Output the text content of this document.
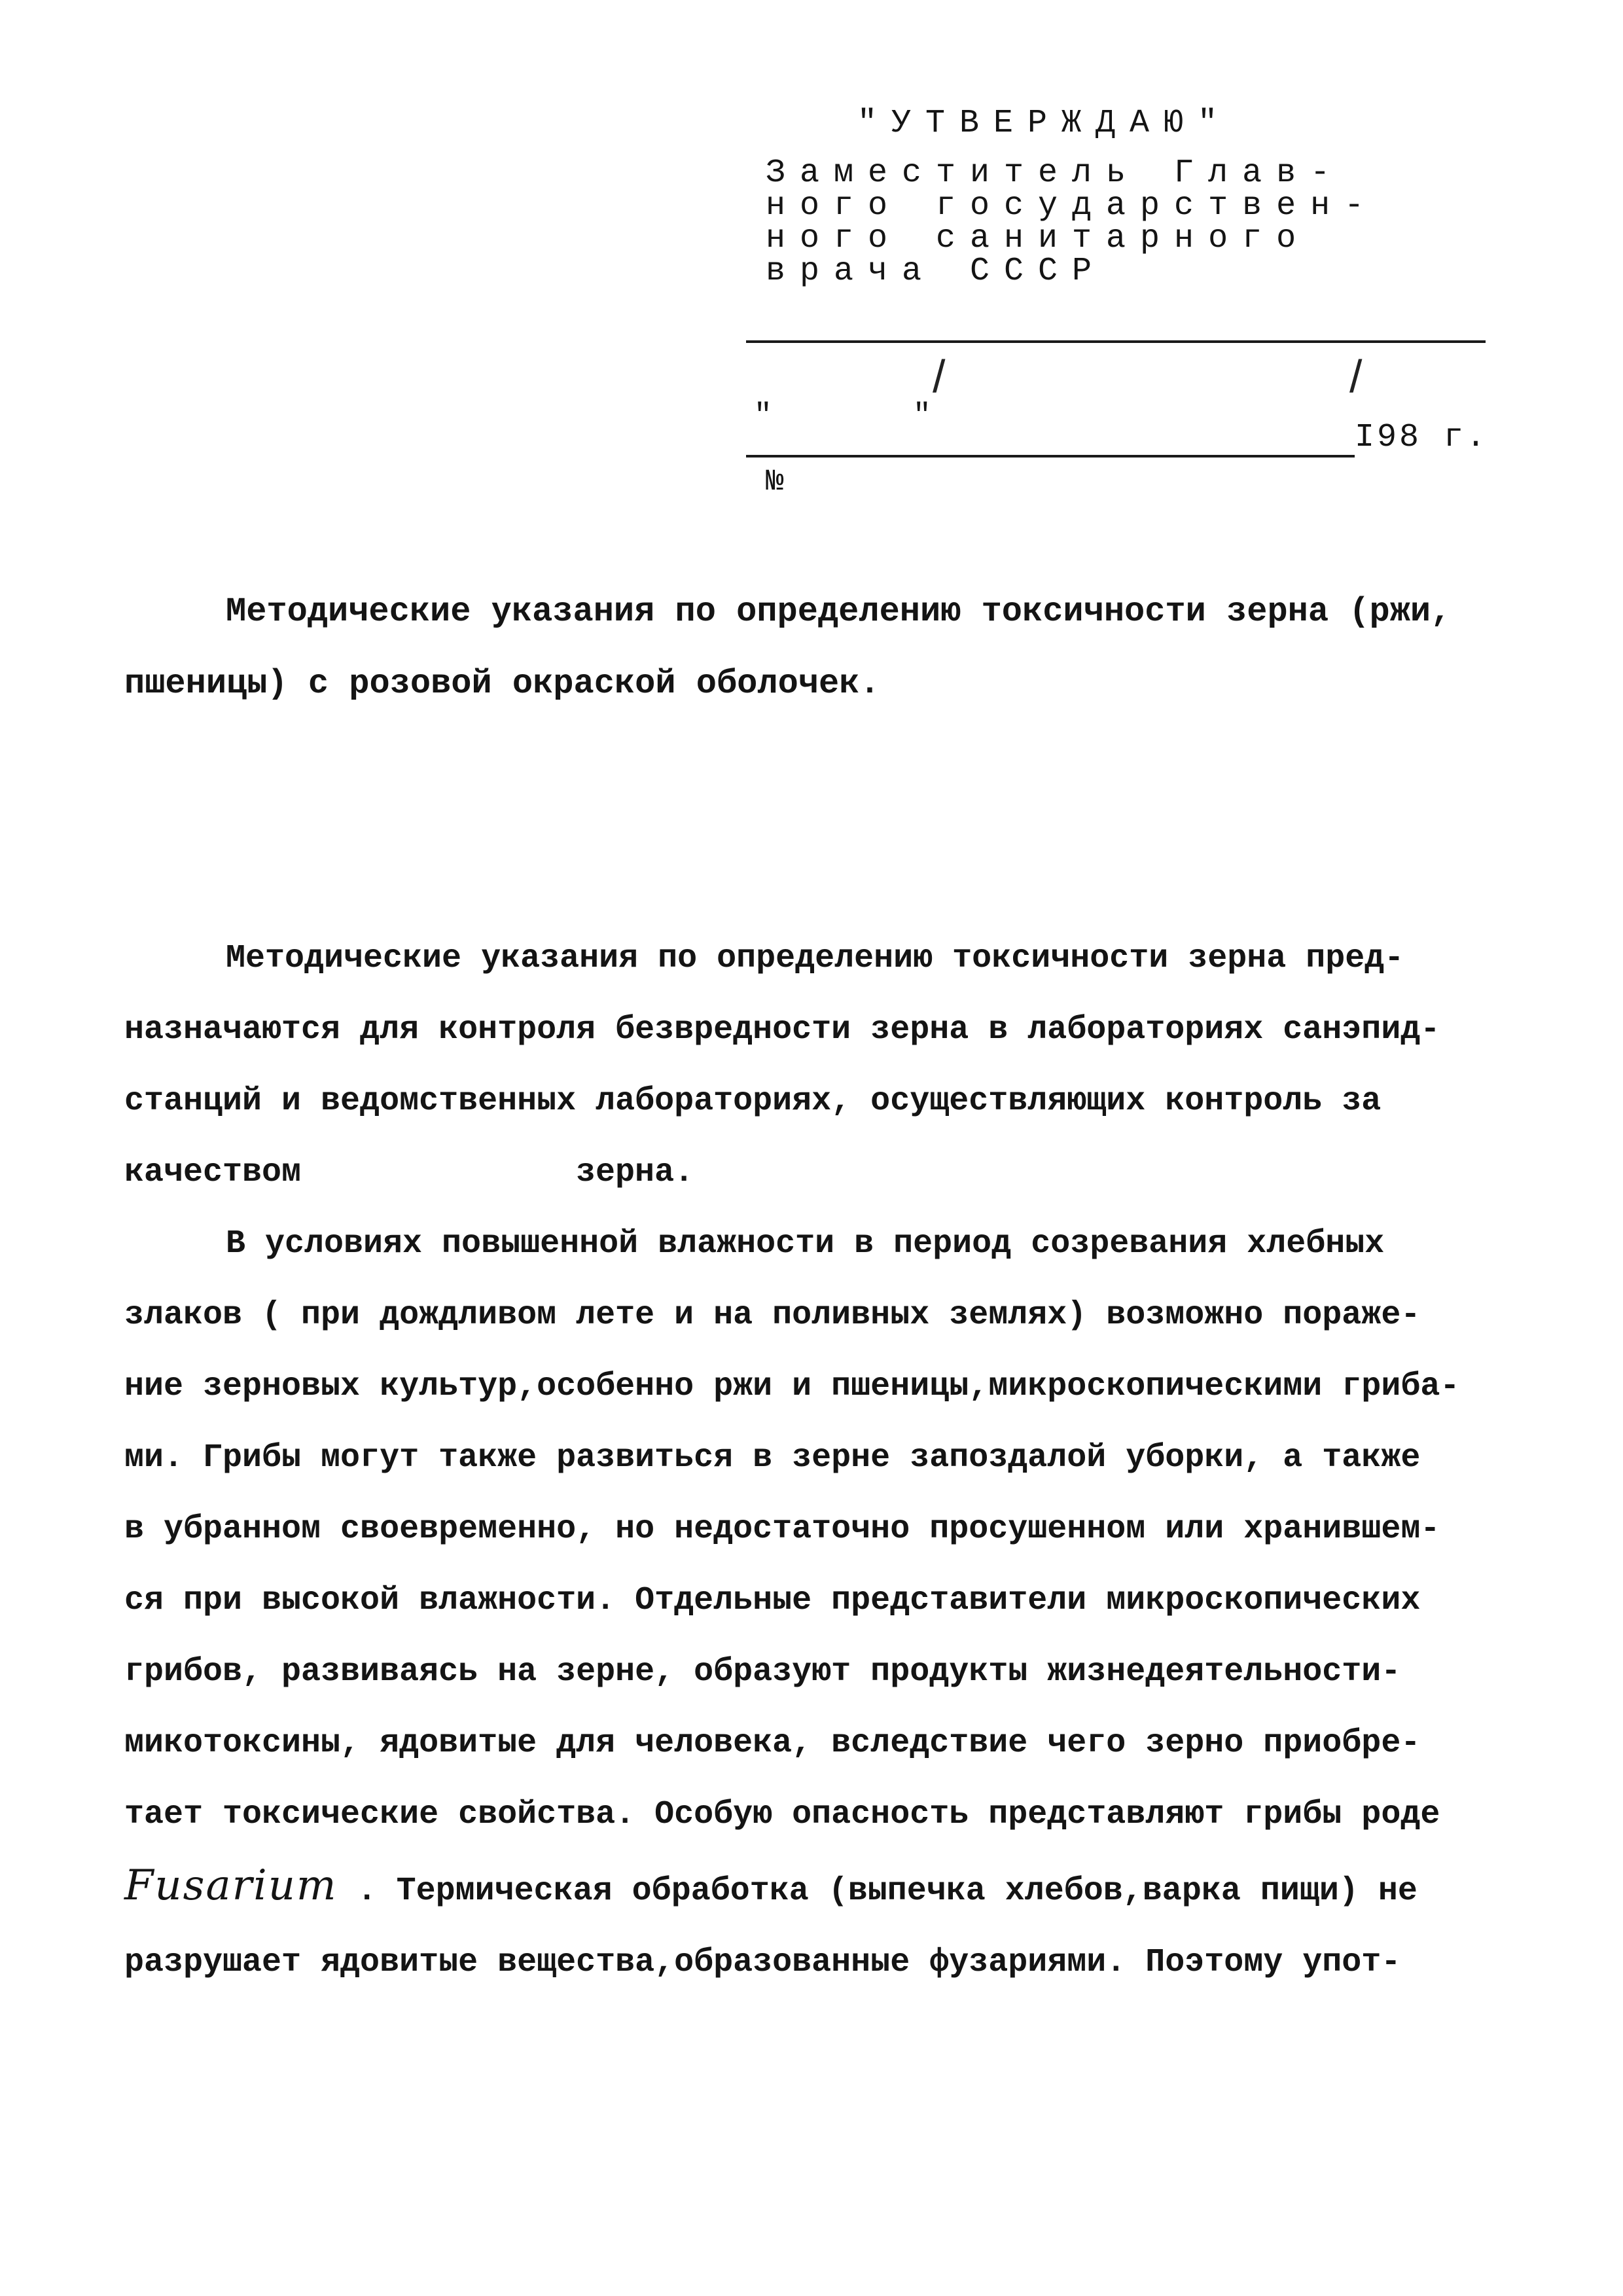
"УТВЕРЖДАЮ"
Заместитель Глав-
ного государствен-
ного санитарного
врача СССР
/	/
"	"
I98 г.
№
Методические указания по определению токсичности зерна (ржи,
пшеницы) с розовой окраской оболочек.
Методические указания по определению токсичности зерна пред-
назначаются для контроля безвредности зерна в лабораториях санэпид-
станций и ведомственных лабораториях, осуществляющих контроль за
качеством	зерна.
В условиях повышенной влажности в период созревания хлебных
злаков ( при дождливом лете и на поливных землях) возможно пораже-
ние зерновых культур,особенно ржи и пшеницы,микроскопическими грибa-
ми. Грибы могут также развиться в зерне запоздалой уборки, а также
в убранном своевременно, но недостаточно просушенном или хранившем-
ся при высокой влажности. Отдельные представители микроскопических
грибов, развиваясь на зерне, образуют продукты жизнедеятельности-
микотоксины, ядовитые для человека, вследствие чего зерно приобре-
тает токсические свойства. Особую опасность представляют грибы роде
Fusarium . Термическая обработка (выпечка хлебов,варка пищи) не
разрушает ядовитые вещества,образованные фузариями. Поэтому упот-
